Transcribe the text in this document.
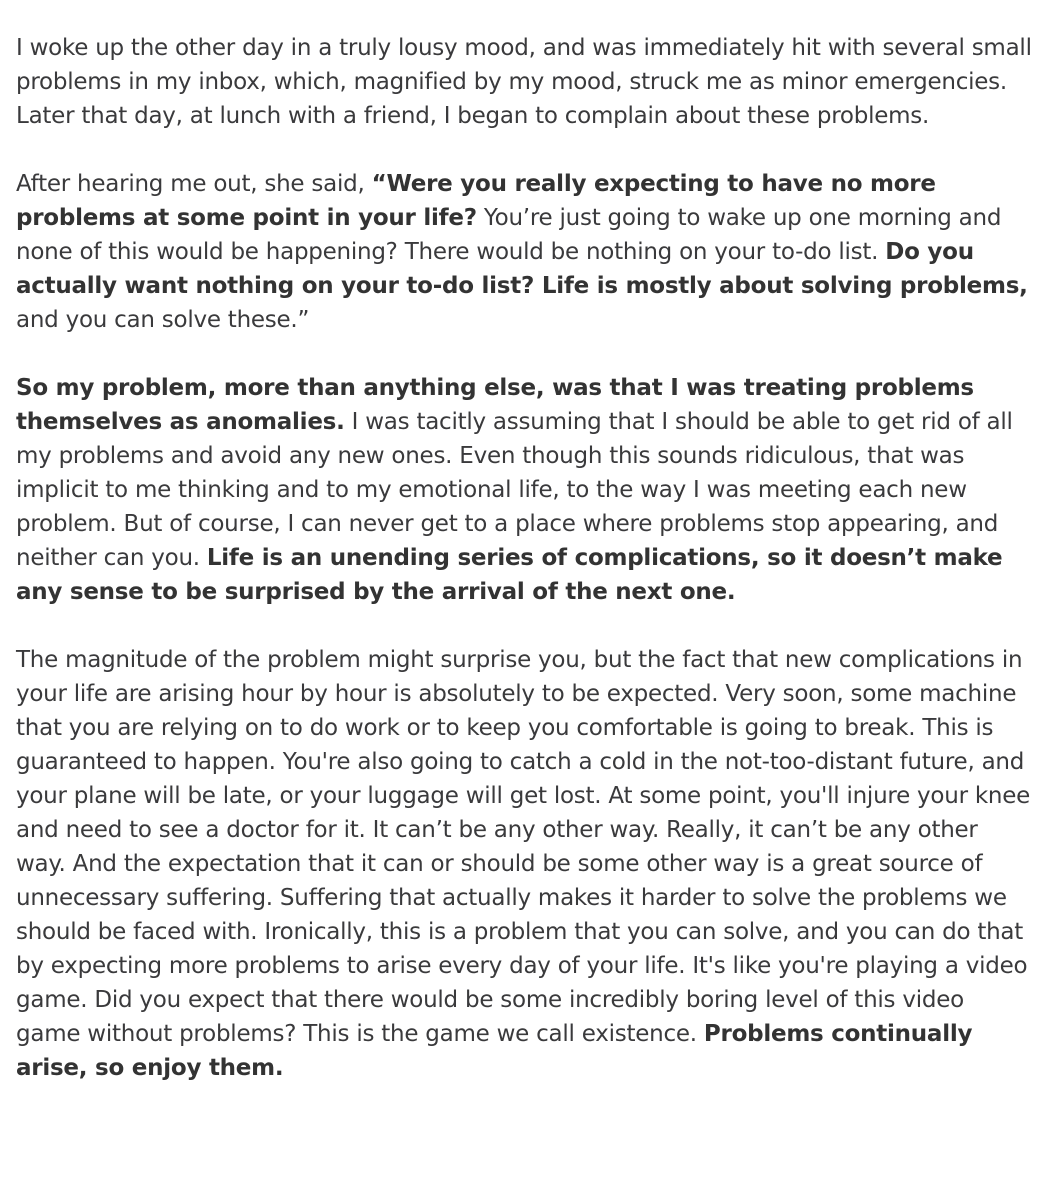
I woke up the other day in a truly lousy mood, and was immediately hit with several small problems in my inbox, which, magnified by my mood, struck me as minor emergencies. Later that day, at lunch with a friend, I began to complain about these problems.

After hearing me out, she said, “Were you really expecting to have no more problems at some point in your life? You’re just going to wake up one morning and none of this would be happening? There would be nothing on your to-do list. Do you actually want nothing on your to-do list? Life is mostly about solving problems, and you can solve these.”

So my problem, more than anything else, was that I was treating problems themselves as anomalies. I was tacitly assuming that I should be able to get rid of all my problems and avoid any new ones. Even though this sounds ridiculous, that was implicit to me thinking and to my emotional life, to the way I was meeting each new problem. But of course, I can never get to a place where problems stop appearing, and neither can you. Life is an unending series of complications, so it doesn’t make any sense to be surprised by the arrival of the next one.

The magnitude of the problem might surprise you, but the fact that new complications in your life are arising hour by hour is absolutely to be expected. Very soon, some machine that you are relying on to do work or to keep you comfortable is going to break. This is guaranteed to happen. You're also going to catch a cold in the not-too-distant future, and your plane will be late, or your luggage will get lost. At some point, you'll injure your knee and need to see a doctor for it. It can’t be any other way. Really, it can’t be any other way. And the expectation that it can or should be some other way is a great source of unnecessary suffering. Suffering that actually makes it harder to solve the problems we should be faced with. Ironically, this is a problem that you can solve, and you can do that by expecting more problems to arise every day of your life. It's like you're playing a video game. Did you expect that there would be some incredibly boring level of this video game without problems? This is the game we call existence. Problems continually arise, so enjoy them.
